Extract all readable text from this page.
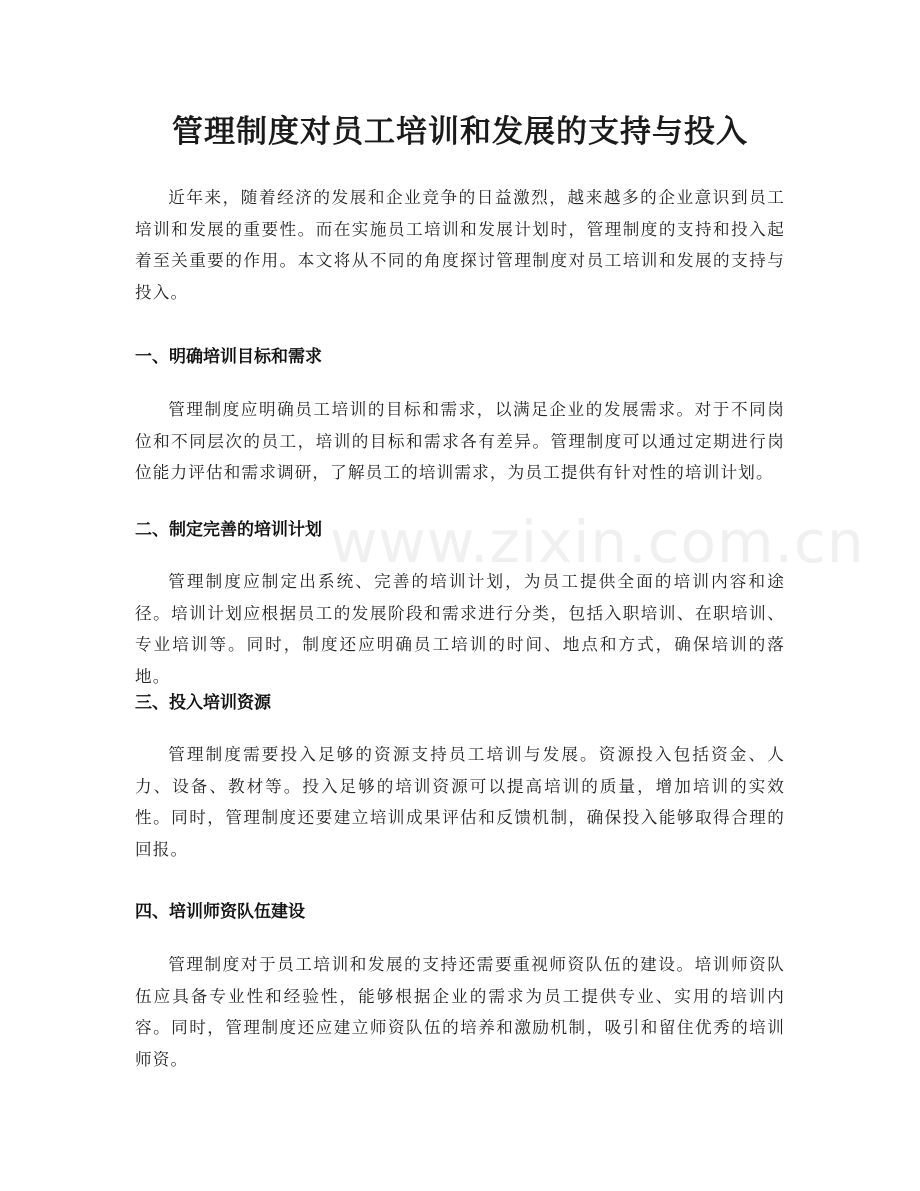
www.zixin.com.cn
管理制度对员工培训和发展的支持与投入

近年来，随着经济的发展和企业竞争的日益激烈，越来越多的企业意识到员工培训和发展的重要性。而在实施员工培训和发展计划时，管理制度的支持和投入起着至关重要的作用。本文将从不同的角度探讨管理制度对员工培训和发展的支持与投入。

一、明确培训目标和需求

管理制度应明确员工培训的目标和需求，以满足企业的发展需求。对于不同岗位和不同层次的员工，培训的目标和需求各有差异。管理制度可以通过定期进行岗位能力评估和需求调研，了解员工的培训需求，为员工提供有针对性的培训计划。

二、制定完善的培训计划

管理制度应制定出系统、完善的培训计划，为员工提供全面的培训内容和途径。培训计划应根据员工的发展阶段和需求进行分类，包括入职培训、在职培训、专业培训等。同时，制度还应明确员工培训的时间、地点和方式，确保培训的落地。

三、投入培训资源

管理制度需要投入足够的资源支持员工培训与发展。资源投入包括资金、人力、设备、教材等。投入足够的培训资源可以提高培训的质量，增加培训的实效性。同时，管理制度还要建立培训成果评估和反馈机制，确保投入能够取得合理的回报。

四、培训师资队伍建设

管理制度对于员工培训和发展的支持还需要重视师资队伍的建设。培训师资队伍应具备专业性和经验性，能够根据企业的需求为员工提供专业、实用的培训内容。同时，管理制度还应建立师资队伍的培养和激励机制，吸引和留住优秀的培训师资。
